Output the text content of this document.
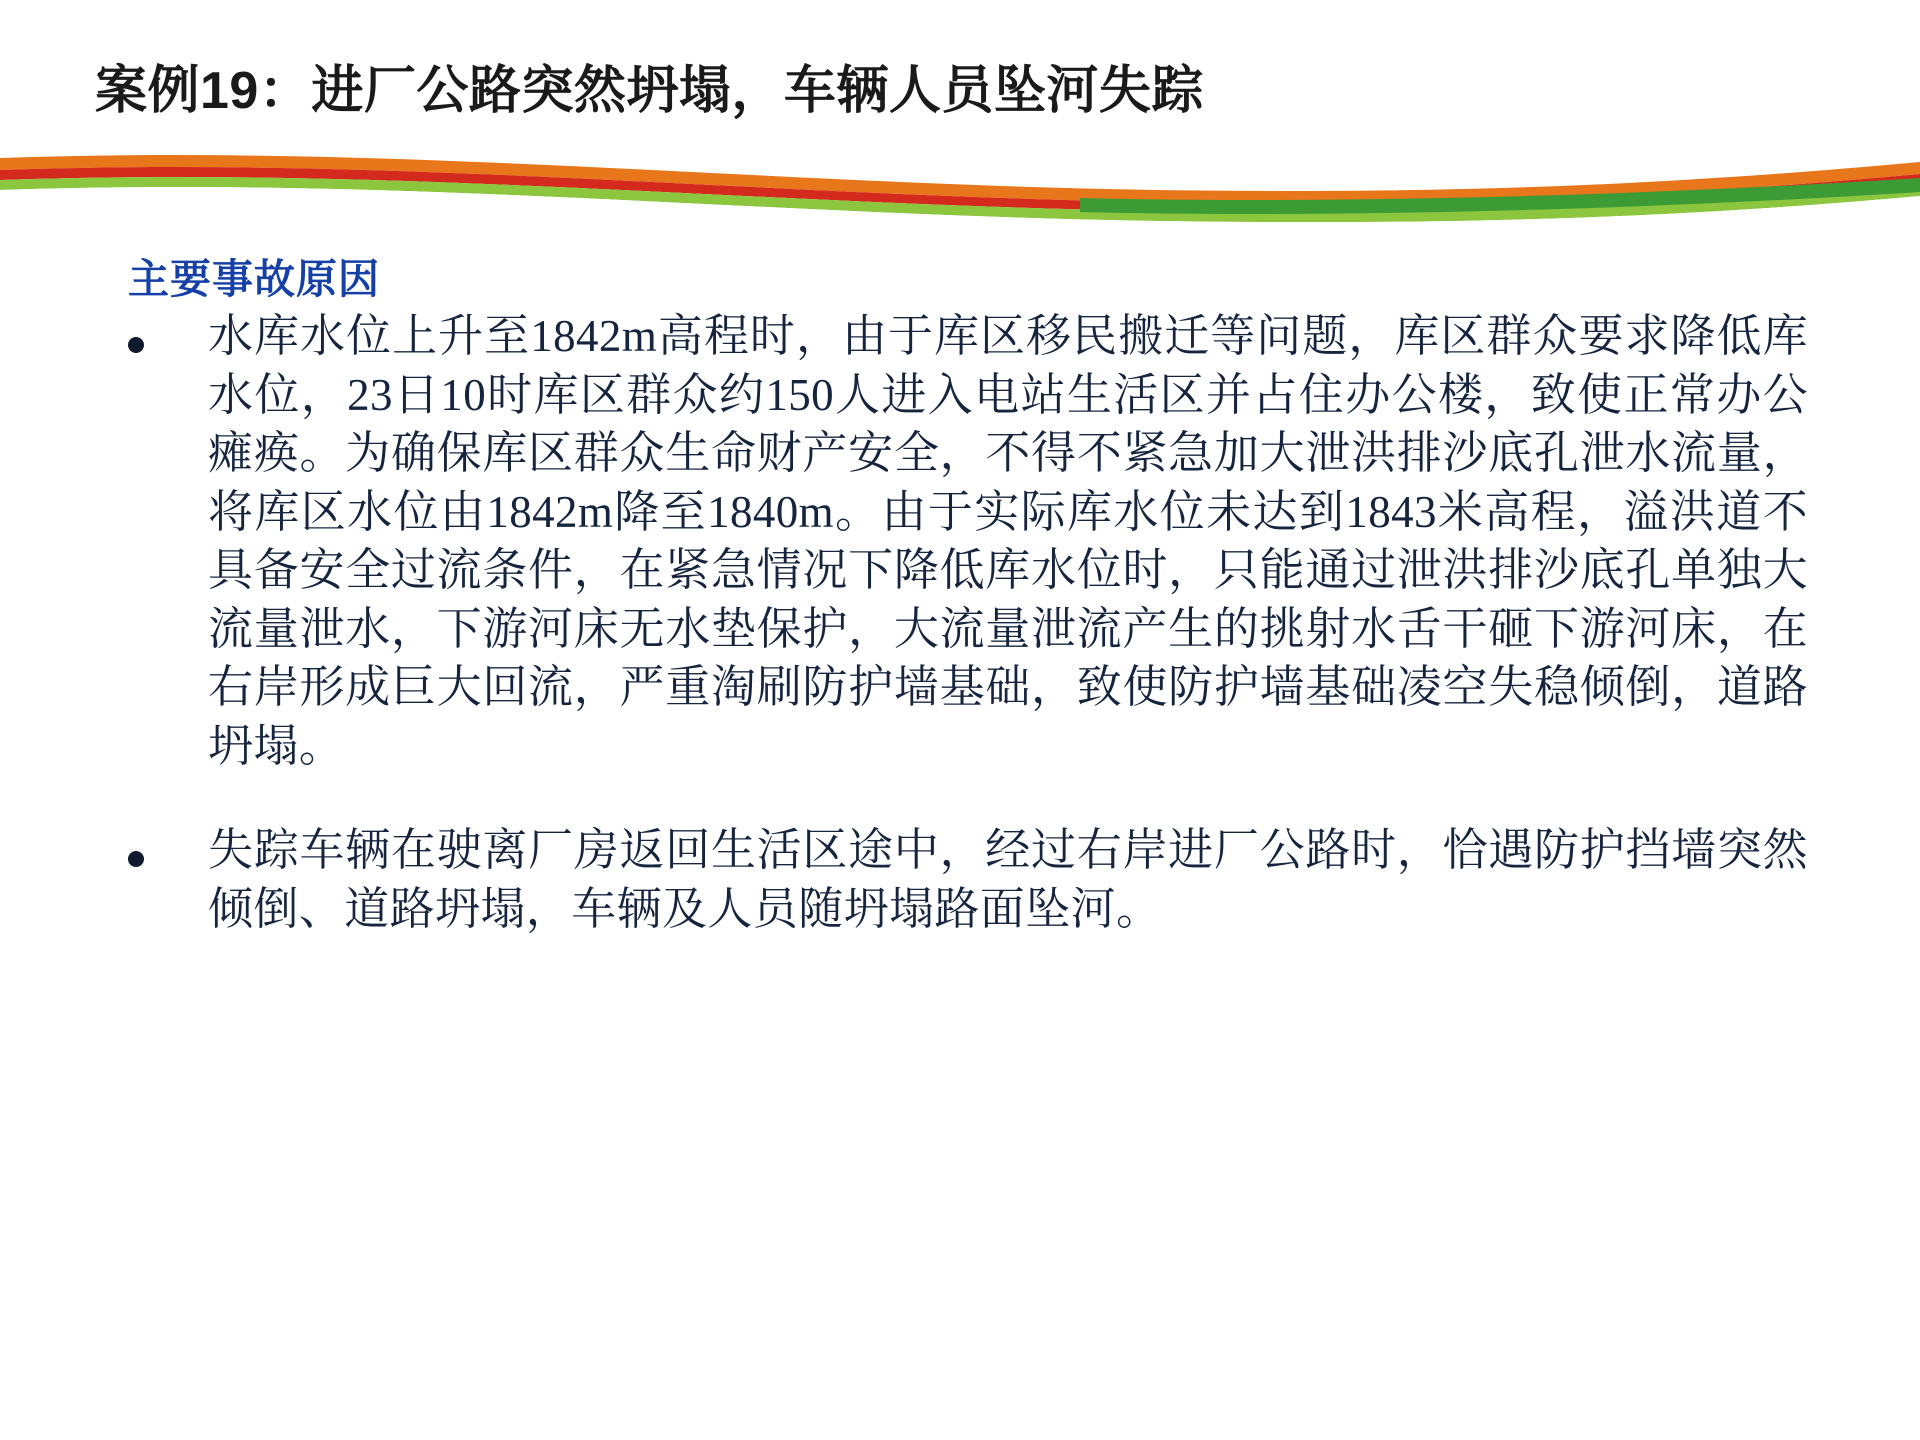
案例19：进厂公路突然坍塌，车辆人员坠河失踪
主要事故原因
水库水位上升至1842m高程时，由于库区移民搬迁等问题，库区群众要求降低库水位，23日10时库区群众约150人进入电站生活区并占住办公楼，致使正常办公瘫痪。为确保库区群众生命财产安全，不得不紧急加大泄洪排沙底孔泄水流量，将库区水位由1842m降至1840m。由于实际库水位未达到1843米高程，溢洪道不具备安全过流条件，在紧急情况下降低库水位时，只能通过泄洪排沙底孔单独大流量泄水，下游河床无水垫保护，大流量泄流产生的挑射水舌干砸下游河床，在右岸形成巨大回流，严重淘刷防护墙基础，致使防护墙基础凌空失稳倾倒，道路坍塌。
失踪车辆在驶离厂房返回生活区途中，经过右岸进厂公路时，恰遇防护挡墙突然倾倒、道路坍塌，车辆及人员随坍塌路面坠河。
